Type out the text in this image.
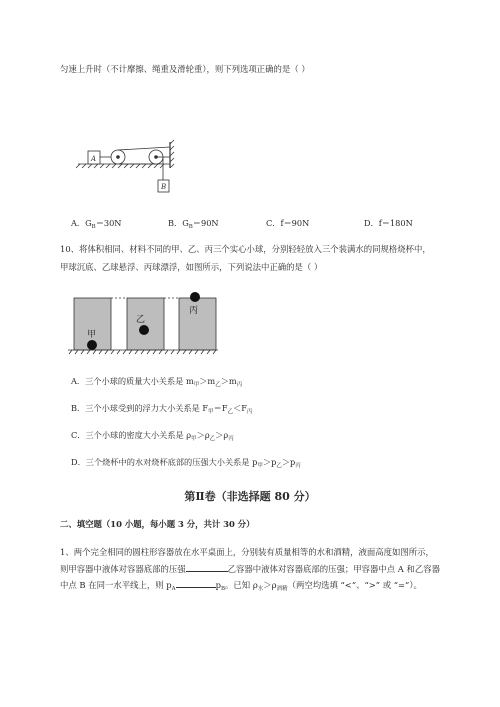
匀速上升时（不计摩擦、绳重及滑轮重），则下列选项正确的是（ ）
A
B
A．$G_B=30N$	B．$G_B=90N$	C．f＝90N	D．f＝180N
10、将体积相同、材料不同的甲、乙、丙三个实心小球，分别轻轻放入三个装满水的同规格烧杯中，
甲球沉底、乙球悬浮、丙球漂浮，如图所示，下列说法中正确的是（ ）
甲
乙
丙
A．三个小球的质量大小关系是 $m_甲>m_乙>m_丙$
B．三个小球受到的浮力大小关系是 $F_甲=F_乙<F_丙$
C．三个小球的密度大小关系是 $\rho_甲>\rho_乙>\rho_丙$
D．三个烧杯中的水对烧杯底部的压强大小关系是 $p_甲>p_乙>p_丙$
第Ⅱ卷（非选择题 80 分）
二、填空题（10 小题，每小题 3 分，共计 30 分）
1、两个完全相同的圆柱形容器放在水平桌面上，分别装有质量相等的水和酒精，液面高度如图所示，
则甲容器中液体对容器底部的压强	乙容器中液体对容器底部的压强；甲容器中点 A 和乙容器
中点 B 在同一水平线上，则 $p_A$	$p_B$。已知 $\rho_水>\rho_{酒精}$（两空均选填 “<”、“>” 或 “=”）。
